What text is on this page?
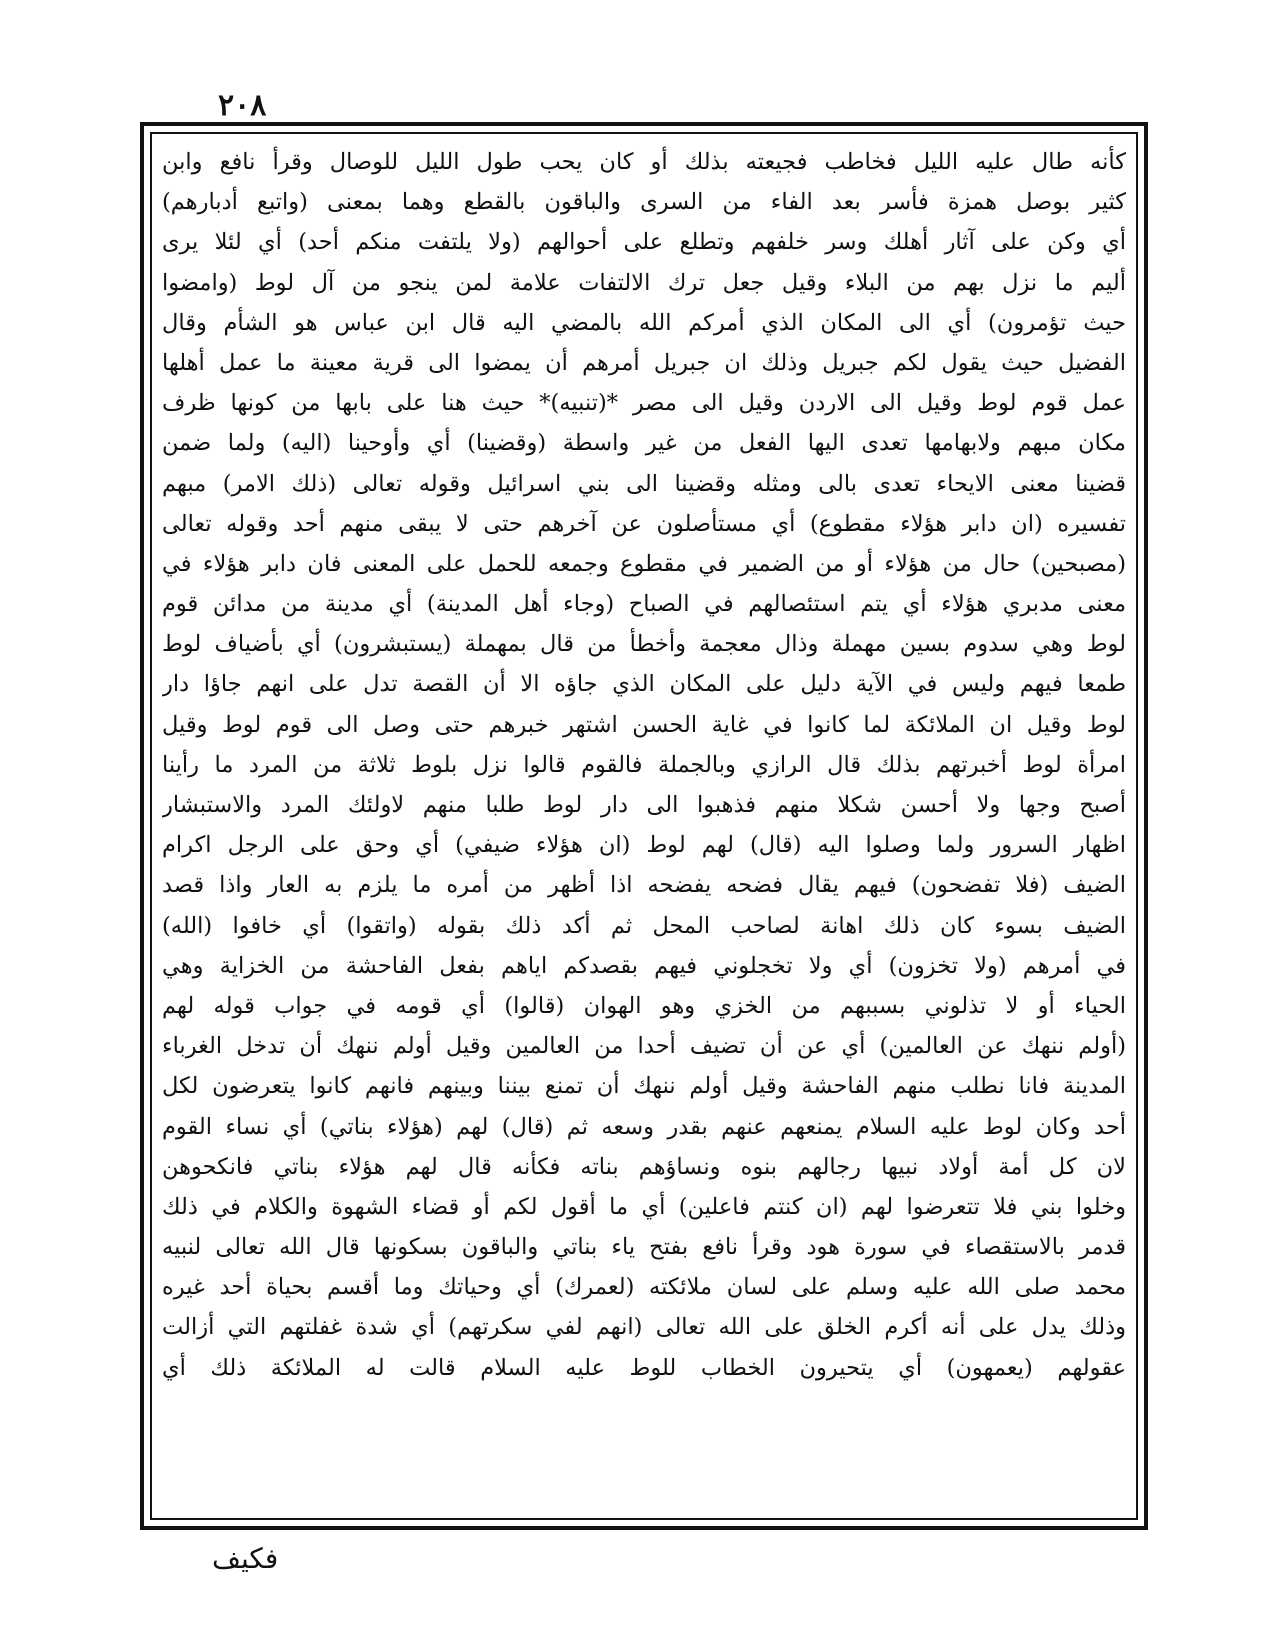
٢٠٨
كأنه طال عليه الليل فخاطب فجيعته بذلك أو كان يحب طول الليل للوصال وقرأ نافع وابن
كثير بوصل همزة فأسر بعد الفاء من السرى والباقون بالقطع وهما بمعنى (واتبع أدبارهم)
أي وكن على آثار أهلك وسر خلفهم وتطلع على أحوالهم (ولا يلتفت منكم أحد) أي لئلا يرى
أليم ما نزل بهم من البلاء وقيل جعل ترك الالتفات علامة لمن ينجو من آل لوط (وامضوا
حيث تؤمرون) أي الى المكان الذي أمركم الله بالمضي اليه قال ابن عباس هو الشأم وقال
الفضيل حيث يقول لكم جبريل وذلك ان جبريل أمرهم أن يمضوا الى قرية معينة ما عمل أهلها
عمل قوم لوط وقيل الى الاردن وقيل الى مصر *(تنبيه)* حيث هنا على بابها من كونها ظرف
مكان مبهم ولابهامها تعدى اليها الفعل من غير واسطة (وقضينا) أي وأوحينا (اليه) ولما ضمن
قضينا معنى الايحاء تعدى بالى ومثله وقضينا الى بني اسرائيل وقوله تعالى (ذلك الامر) مبهم
تفسيره (ان دابر هؤلاء مقطوع) أي مستأصلون عن آخرهم حتى لا يبقى منهم أحد وقوله تعالى
(مصبحين) حال من هؤلاء أو من الضمير في مقطوع وجمعه للحمل على المعنى فان دابر هؤلاء في
معنى مدبري هؤلاء أي يتم استئصالهم في الصباح (وجاء أهل المدينة) أي مدينة من مدائن قوم
لوط وهي سدوم بسين مهملة وذال معجمة وأخطأ من قال بمهملة (يستبشرون) أي بأضياف لوط
طمعا فيهم وليس في الآية دليل على المكان الذي جاؤه الا أن القصة تدل على انهم جاؤا دار
لوط وقيل ان الملائكة لما كانوا في غاية الحسن اشتهر خبرهم حتى وصل الى قوم لوط وقيل
امرأة لوط أخبرتهم بذلك قال الرازي وبالجملة فالقوم قالوا نزل بلوط ثلاثة من المرد ما رأينا
أصبح وجها ولا أحسن شكلا منهم فذهبوا الى دار لوط طلبا منهم لاولئك المرد والاستبشار
اظهار السرور ولما وصلوا اليه (قال) لهم لوط (ان هؤلاء ضيفي) أي وحق على الرجل اكرام
الضيف (فلا تفضحون) فيهم يقال فضحه يفضحه اذا أظهر من أمره ما يلزم به العار واذا قصد
الضيف بسوء كان ذلك اهانة لصاحب المحل ثم أكد ذلك بقوله (واتقوا) أي خافوا (الله)
في أمرهم (ولا تخزون) أي ولا تخجلوني فيهم بقصدكم اياهم بفعل الفاحشة من الخزاية وهي
الحياء أو لا تذلوني بسببهم من الخزي وهو الهوان (قالوا) أي قومه في جواب قوله لهم
(أولم ننهك عن العالمين) أي عن أن تضيف أحدا من العالمين وقيل أولم ننهك أن تدخل الغرباء
المدينة فانا نطلب منهم الفاحشة وقيل أولم ننهك أن تمنع بيننا وبينهم فانهم كانوا يتعرضون لكل
أحد وكان لوط عليه السلام يمنعهم عنهم بقدر وسعه ثم (قال) لهم (هؤلاء بناتي) أي نساء القوم
لان كل أمة أولاد نبيها رجالهم بنوه ونساؤهم بناته فكأنه قال لهم هؤلاء بناتي فانكحوهن
وخلوا بني فلا تتعرضوا لهم (ان كنتم فاعلين) أي ما أقول لكم أو قضاء الشهوة والكلام في ذلك
قدمر بالاستقصاء في سورة هود وقرأ نافع بفتح ياء بناتي والباقون بسكونها قال الله تعالى لنبيه
محمد صلى الله عليه وسلم على لسان ملائكته (لعمرك) أي وحياتك وما أقسم بحياة أحد غيره
وذلك يدل على أنه أكرم الخلق على الله تعالى (انهم لفي سكرتهم) أي شدة غفلتهم التي أزالت
عقولهم (يعمهون) أي يتحيرون الخطاب للوط عليه السلام قالت له الملائكة ذلك أي
فكيف
